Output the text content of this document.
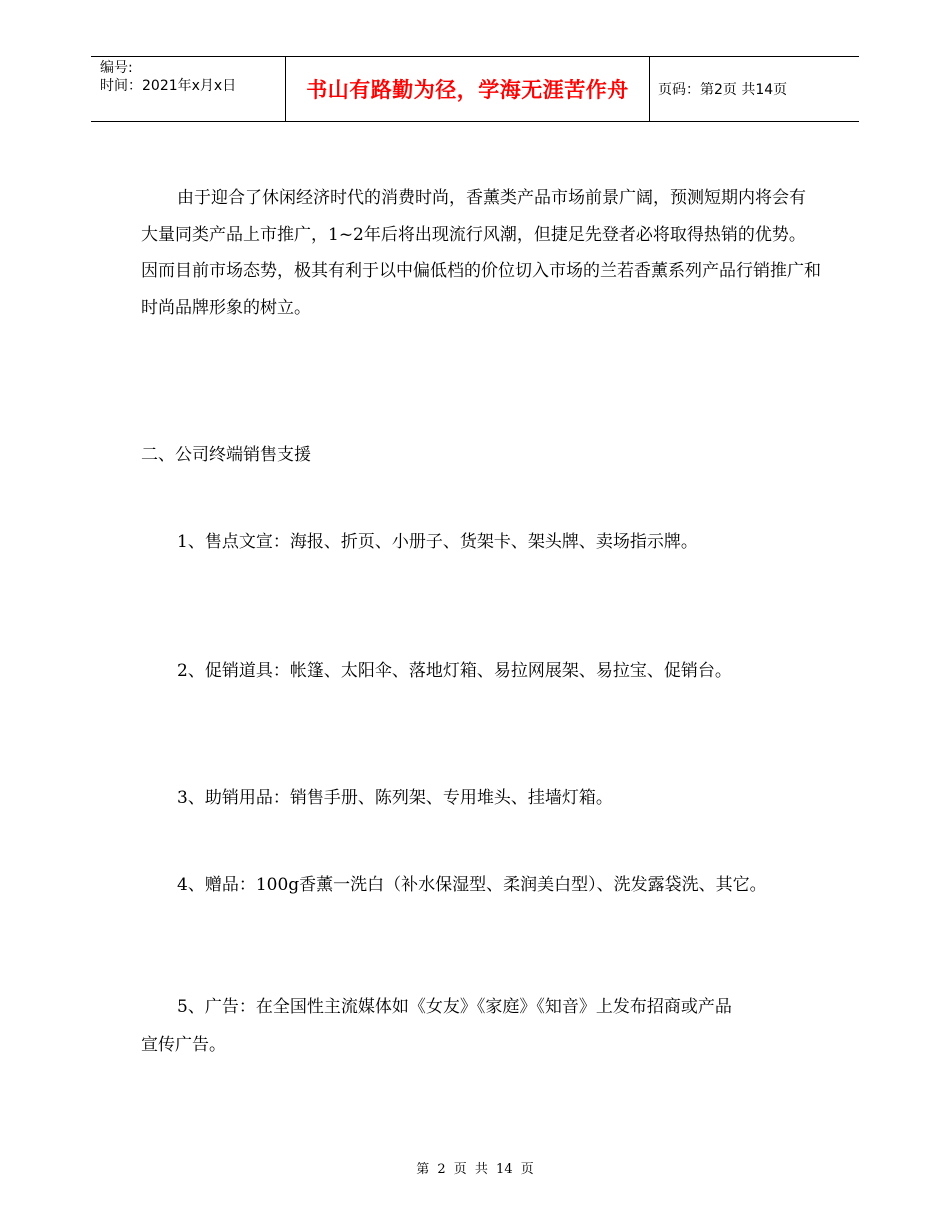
编号:
时间：2021年x月x日	书山有路勤为径，学海无涯苦作舟	页码：第2页 共14页

由于迎合了休闲经济时代的消费时尚，香薰类产品市场前景广阔，预测短期内将会有大量同类产品上市推广，1~2年后将出现流行风潮，但捷足先登者必将取得热销的优势。因而目前市场态势，极其有利于以中偏低档的价位切入市场的兰若香薰系列产品行销推广和时尚品牌形象的树立。

二、公司终端销售支援

1、售点文宣：海报、折页、小册子、货架卡、架头牌、卖场指示牌。

2、促销道具：帐篷、太阳伞、落地灯箱、易拉网展架、易拉宝、促销台。

3、助销用品：销售手册、陈列架、专用堆头、挂墙灯箱。

4、赠品：100g香薰一洗白（补水保湿型、柔润美白型）、洗发露袋洗、其它。

5、广告：在全国性主流媒体如《女友》《家庭》《知音》上发布招商或产品

宣传广告。

第 2 页 共 14 页
